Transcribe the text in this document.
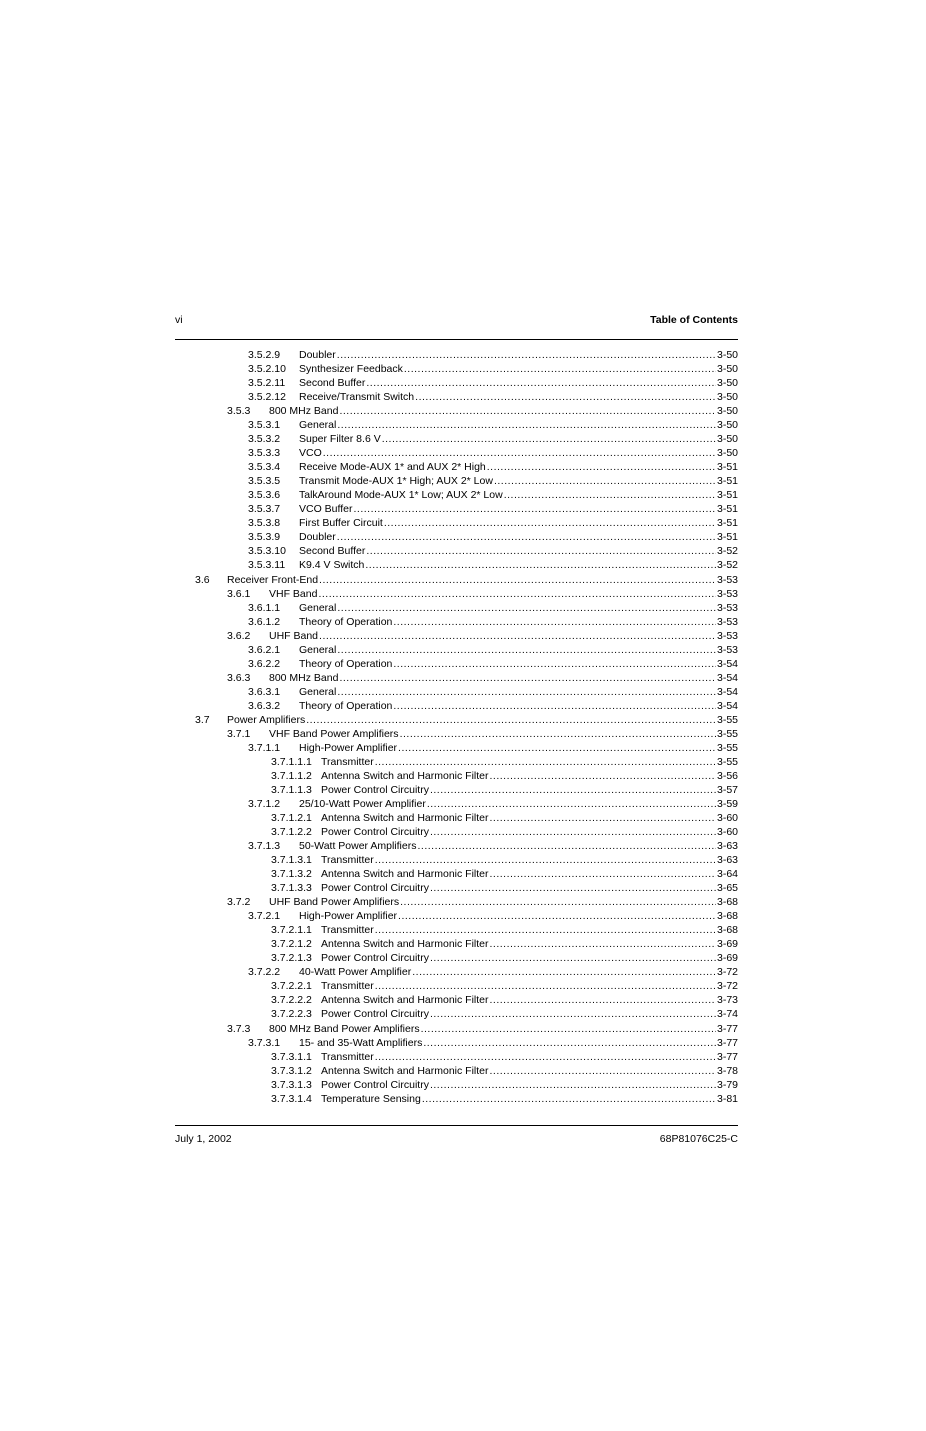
vi	Table of Contents
3.5.2.9 Doubler .....	3-50
3.5.2.10 Synthesizer Feedback .....	3-50
3.5.2.11 Second Buffer .....	3-50
3.5.2.12 Receive/Transmit Switch .....	3-50
3.5.3 800 MHz Band .....	3-50
3.5.3.1 General .....	3-50
3.5.3.2 Super Filter 8.6 V .....	3-50
3.5.3.3 VCO .....	3-50
3.5.3.4 Receive Mode-AUX 1* and AUX 2* High .....	3-51
3.5.3.5 Transmit Mode-AUX 1* High; AUX 2* Low .....	3-51
3.5.3.6 TalkAround Mode-AUX 1* Low; AUX 2* Low .....	3-51
3.5.3.7 VCO Buffer .....	3-51
3.5.3.8 First Buffer Circuit .....	3-51
3.5.3.9 Doubler .....	3-51
3.5.3.10 Second Buffer .....	3-52
3.5.3.11 K9.4 V Switch .....	3-52
3.6 Receiver Front-End .....	3-53
3.6.1 VHF Band .....	3-53
3.6.1.1 General .....	3-53
3.6.1.2 Theory of Operation .....	3-53
3.6.2 UHF Band .....	3-53
3.6.2.1 General .....	3-53
3.6.2.2 Theory of Operation .....	3-54
3.6.3 800 MHz Band .....	3-54
3.6.3.1 General .....	3-54
3.6.3.2 Theory of Operation .....	3-54
3.7 Power Amplifiers .....	3-55
3.7.1 VHF Band Power Amplifiers .....	3-55
3.7.1.1 High-Power Amplifier .....	3-55
3.7.1.1.1 Transmitter .....	3-55
3.7.1.1.2 Antenna Switch and Harmonic Filter .....	3-56
3.7.1.1.3 Power Control Circuitry .....	3-57
3.7.1.2 25/10-Watt Power Amplifier .....	3-59
3.7.1.2.1 Antenna Switch and Harmonic Filter .....	3-60
3.7.1.2.2 Power Control Circuitry .....	3-60
3.7.1.3 50-Watt Power Amplifiers .....	3-63
3.7.1.3.1 Transmitter .....	3-63
3.7.1.3.2 Antenna Switch and Harmonic Filter .....	3-64
3.7.1.3.3 Power Control Circuitry .....	3-65
3.7.2 UHF Band Power Amplifiers .....	3-68
3.7.2.1 High-Power Amplifier .....	3-68
3.7.2.1.1 Transmitter .....	3-68
3.7.2.1.2 Antenna Switch and Harmonic Filter .....	3-69
3.7.2.1.3 Power Control Circuitry .....	3-69
3.7.2.2 40-Watt Power Amplifier .....	3-72
3.7.2.2.1 Transmitter .....	3-72
3.7.2.2.2 Antenna Switch and Harmonic Filter .....	3-73
3.7.2.2.3 Power Control Circuitry .....	3-74
3.7.3 800 MHz Band Power Amplifiers .....	3-77
3.7.3.1 15- and 35-Watt Amplifiers .....	3-77
3.7.3.1.1 Transmitter .....	3-77
3.7.3.1.2 Antenna Switch and Harmonic Filter .....	3-78
3.7.3.1.3 Power Control Circuitry .....	3-79
3.7.3.1.4 Temperature Sensing .....	3-81
July 1, 2002	68P81076C25-C
